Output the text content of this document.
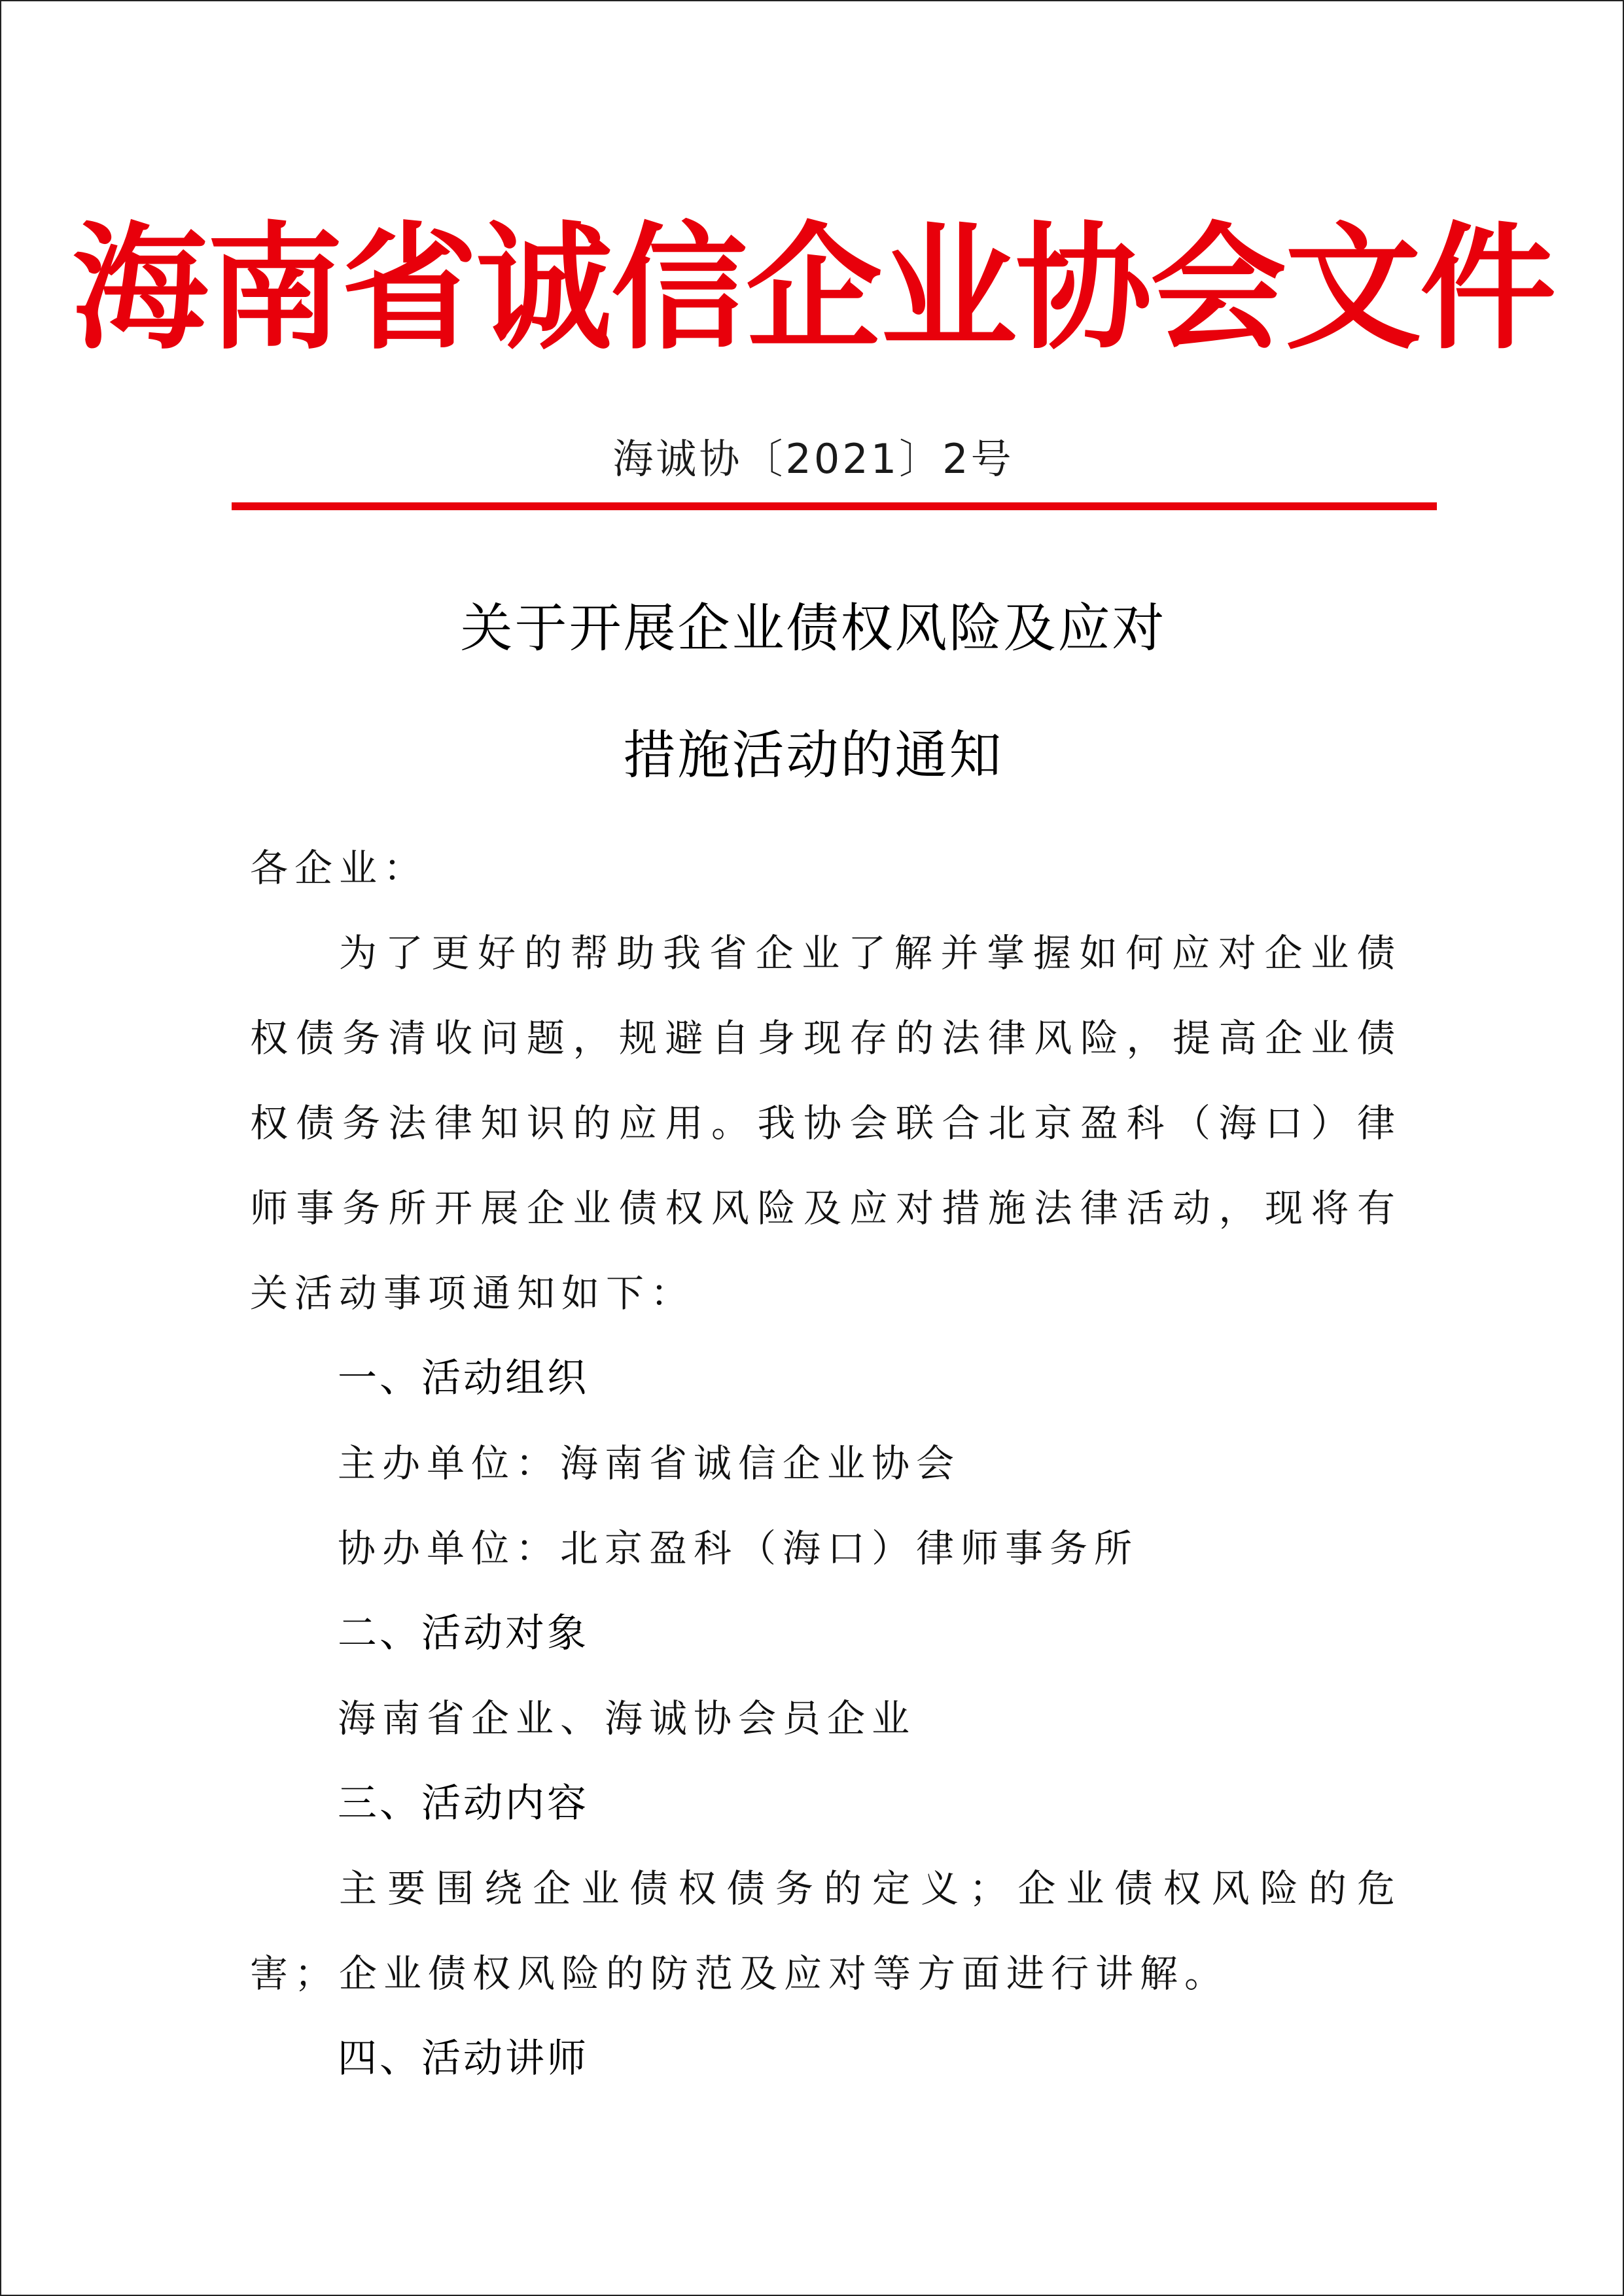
海南省诚信企业协会文件
海诚协〔2021〕2号
关于开展企业债权风险及应对
措施活动的通知

各企业：

为了更好的帮助我省企业了解并掌握如何应对企业债权债务清收问题，规避自身现存的法律风险，提高企业债权债务法律知识的应用。我协会联合北京盈科（海口）律师事务所开展企业债权风险及应对措施法律活动，现将有关活动事项通知如下：

一、活动组织

主办单位：海南省诚信企业协会

协办单位：北京盈科（海口）律师事务所

二、活动对象

海南省企业、海诚协会员企业

三、活动内容

主要围绕企业债权债务的定义；企业债权风险的危害；企业债权风险的防范及应对等方面进行讲解。

四、活动讲师
